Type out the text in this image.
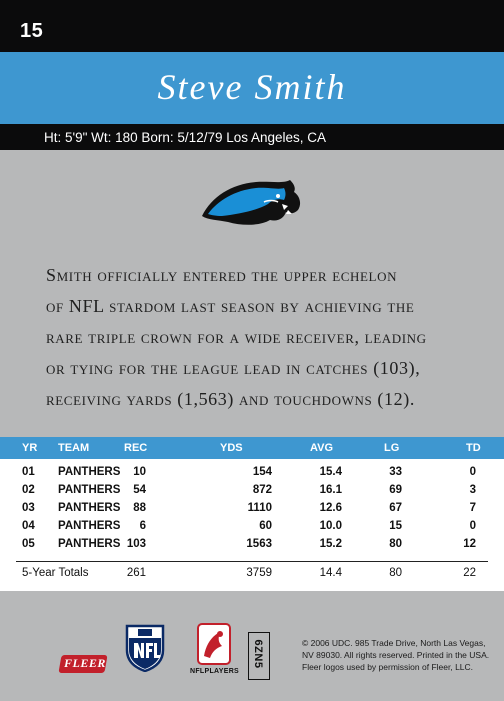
15
Steve Smith
Ht: 5'9" Wt: 180 Born: 5/12/79 Los Angeles, CA
Smith officially entered the upper echelon
of NFL stardom last season by achieving the
rare triple crown for a wide receiver, leading
or tying for the league lead in catches (103),
receiving yards (1,563) and touchdowns (12).
YR TEAM	REC	YDS	AVG	LG	TD
01 PANTHERS	10	154	15.4	33	0
02 PANTHERS	54	872	16.1	69	3
03 PANTHERS	88	1110	12.6	67	7
04 PANTHERS	6	60	10.0	15	0
05 PANTHERS 103	1563	15.2	80	12
5-Year Totals	261	3759	14.4	80	22
FLEER
NFLPLAYERS
6ZN5	© 2006 UDC. 985 Trade Drive, North Las Vegas,
NV 89030. All rights reserved. Printed in the USA.
Fleer logos used by permission of Fleer, LLC.
